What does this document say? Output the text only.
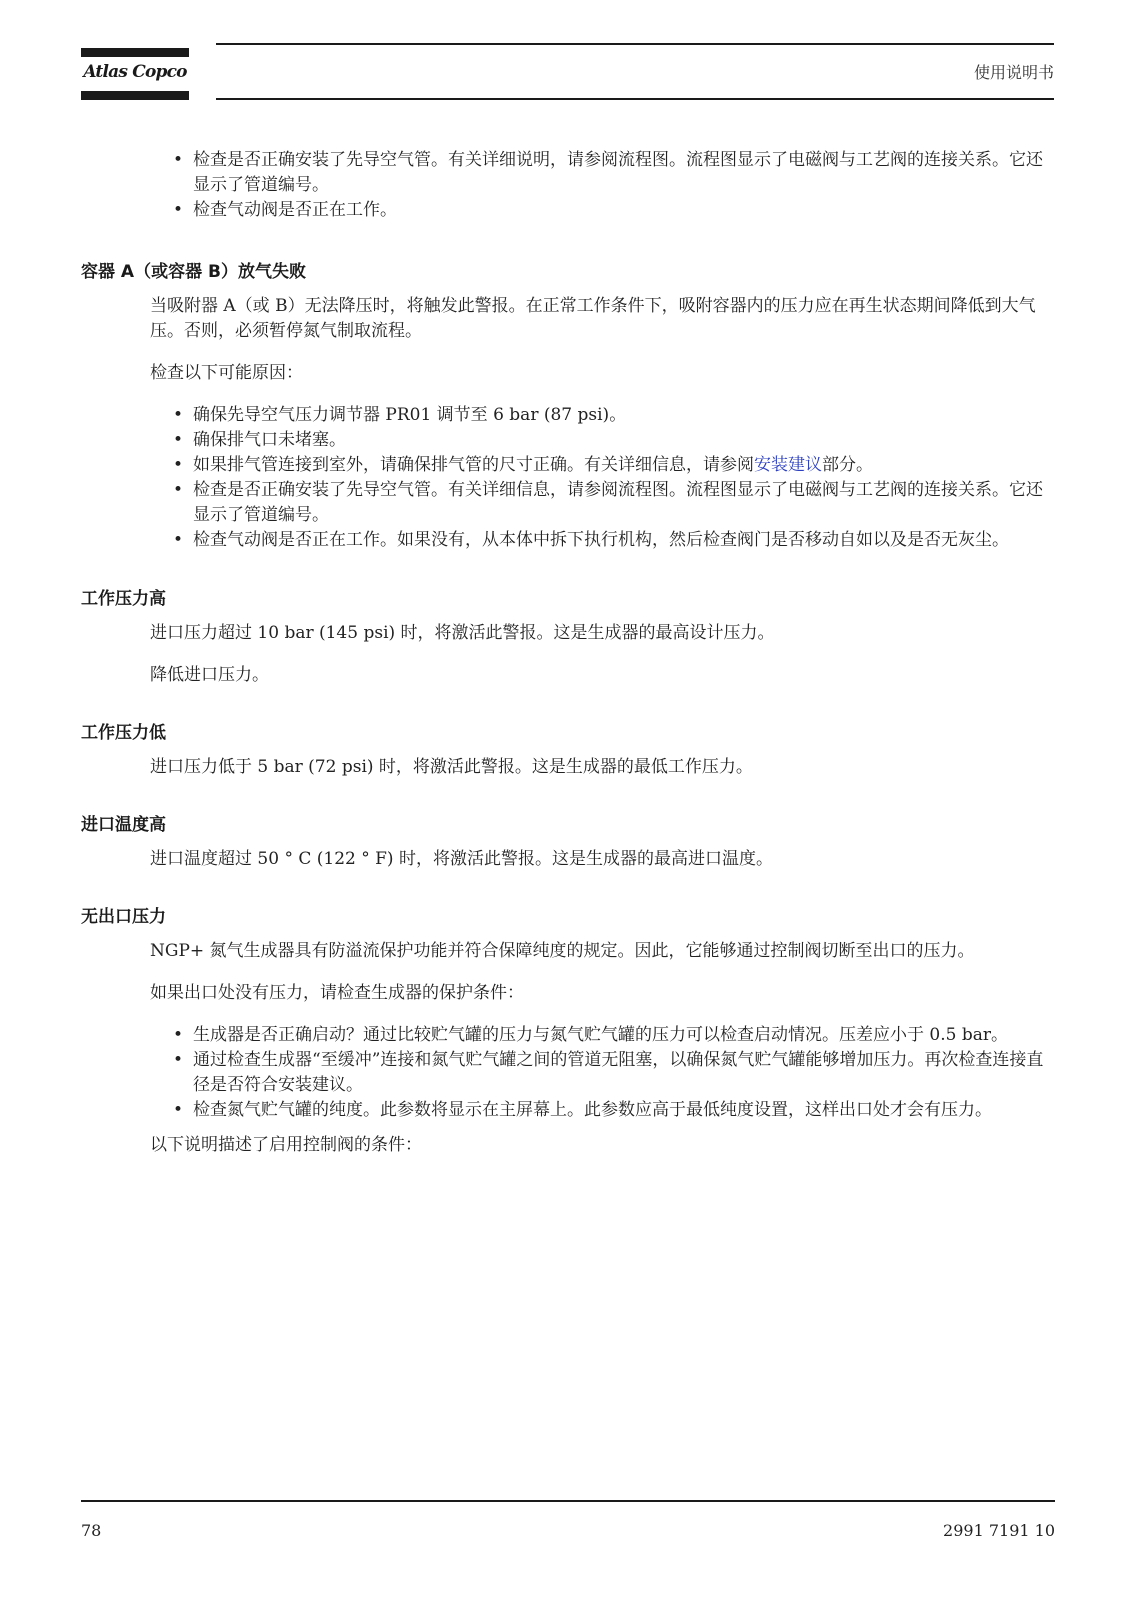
Atlas Copco	使用说明书
• 检查是否正确安装了先导空气管。有关详细说明，请参阅流程图。流程图显示了电磁阀与工艺阀的连接关系。它还显示了管道编号。
• 检查气动阀是否正在工作。
容器 A（或容器 B）放气失败

当吸附器 A（或 B）无法降压时，将触发此警报。在正常工作条件下，吸附容器内的压力应在再生状态期间降低到大气压。否则，必须暂停氮气制取流程。

检查以下可能原因：

• 确保先导空气压力调节器 PR01 调节至 6 bar (87 psi)。
• 确保排气口未堵塞。
• 如果排气管连接到室外，请确保排气管的尺寸正确。有关详细信息，请参阅安装建议部分。
• 检查是否正确安装了先导空气管。有关详细信息，请参阅流程图。流程图显示了电磁阀与工艺阀的连接关系。它还显示了管道编号。
• 检查气动阀是否正在工作。如果没有，从本体中拆下执行机构，然后检查阀门是否移动自如以及是否无灰尘。
工作压力高

进口压力超过 10 bar (145 psi) 时，将激活此警报。这是生成器的最高设计压力。

降低进口压力。

工作压力低

进口压力低于 5 bar (72 psi) 时，将激活此警报。这是生成器的最低工作压力。

进口温度高

进口温度超过 50 ° C (122 ° F) 时，将激活此警报。这是生成器的最高进口温度。

无出口压力

NGP+ 氮气生成器具有防溢流保护功能并符合保障纯度的规定。因此，它能够通过控制阀切断至出口的压力。

如果出口处没有压力，请检查生成器的保护条件：

• 生成器是否正确启动？通过比较贮气罐的压力与氮气贮气罐的压力可以检查启动情况。压差应小于 0.5 bar。
• 通过检查生成器“至缓冲”连接和氮气贮气罐之间的管道无阻塞，以确保氮气贮气罐能够增加压力。再次检查连接直径是否符合安装建议。
• 检查氮气贮气罐的纯度。此参数将显示在主屏幕上。此参数应高于最低纯度设置，这样出口处才会有压力。

以下说明描述了启用控制阀的条件：

78	2991 7191 10
